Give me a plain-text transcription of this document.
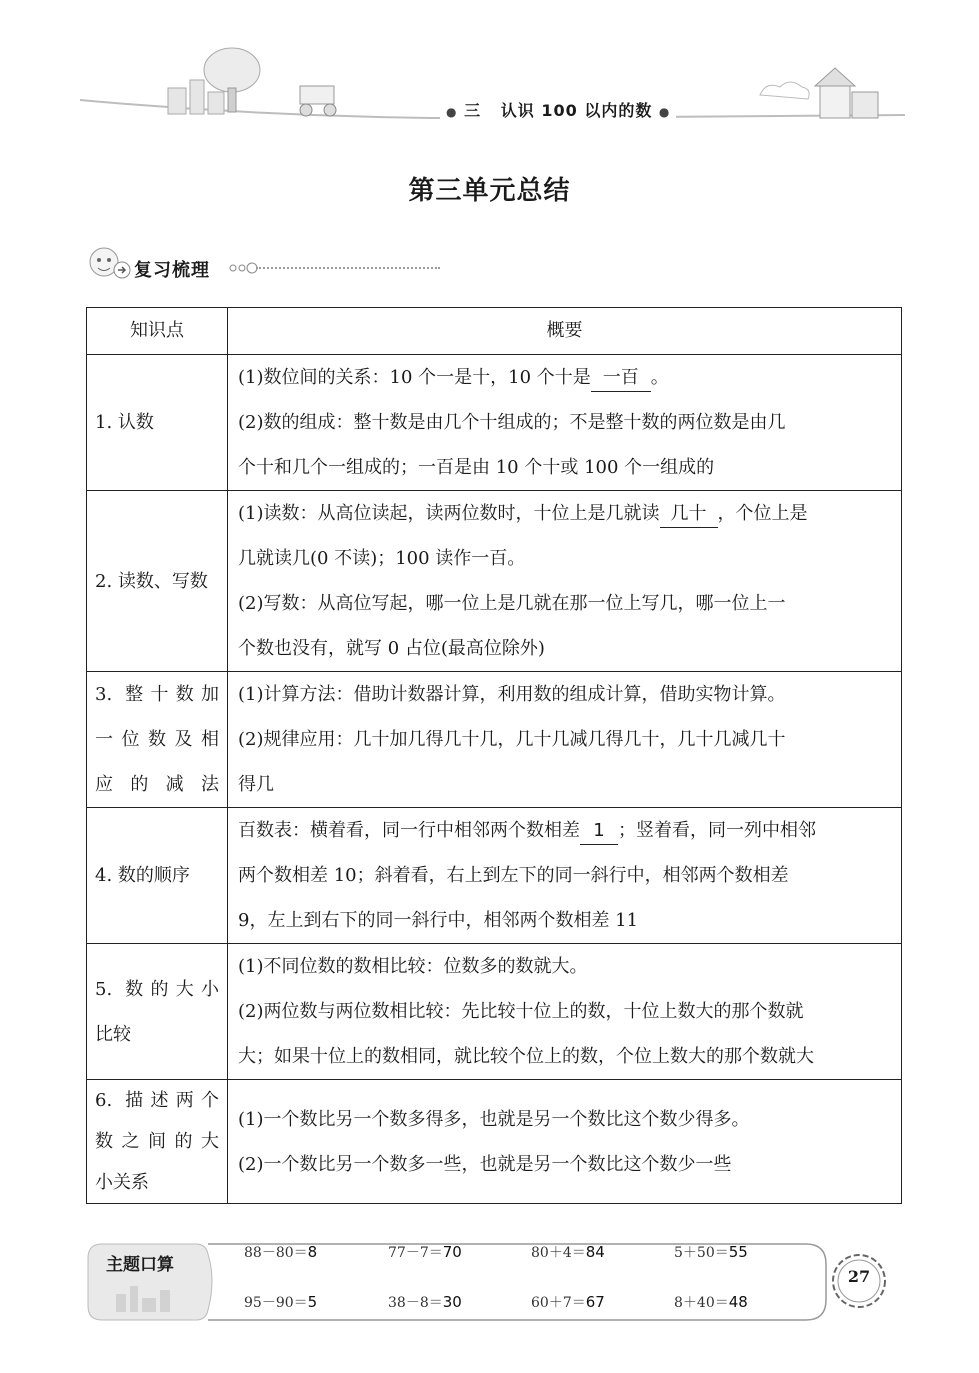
● 三 认识 100 以内的数 ●
第三单元总结
复习梳理
知识点	概要

1. 认数	(1)数位间的关系：10 个一是十，10 个十是 一百 。
(2)数的组成：整十数是由几个十组成的；不是整十数的两位数是由几
个十和几个一组成的；一百是由 10 个十或 100 个一组成的

2. 读数、写数	(1)读数：从高位读起，读两位数时，十位上是几就读 几十 ，个位上是
几就读几(0 不读)；100 读作一百。
(2)写数：从高位写起，哪一位上是几就在那一位上写几，哪一位上一
个数也没有，就写 0 占位(最高位除外)

3. 整十数加
一位数及相
应的减法	(1)计算方法：借助计数器计算，利用数的组成计算，借助实物计算。
(2)规律应用：几十加几得几十几，几十几减几得几十，几十几减几十
得几

4. 数的顺序	百数表：横着看，同一行中相邻两个数相差 1 ；竖着看，同一列中相邻
两个数相差 10；斜着看，右上到左下的同一斜行中，相邻两个数相差
9，左上到右下的同一斜行中，相邻两个数相差 11

5. 数的大小
比较	(1)不同位数的数相比较：位数多的数就大。
(2)两位数与两位数相比较：先比较十位上的数，十位上数大的那个数就
大；如果十位上的数相同，就比较个位上的数，个位上数大的那个数就大

6. 描述两个
数之间的大
小关系	(1)一个数比另一个数多得多，也就是另一个数比这个数少得多。
(2)一个数比另一个数多一些，也就是另一个数比这个数少一些
主题口算
88－80＝8	77－7＝70	80＋4＝84	5＋50＝55
95－90＝5	38－8＝30	60＋7＝67	8＋40＝48
27
